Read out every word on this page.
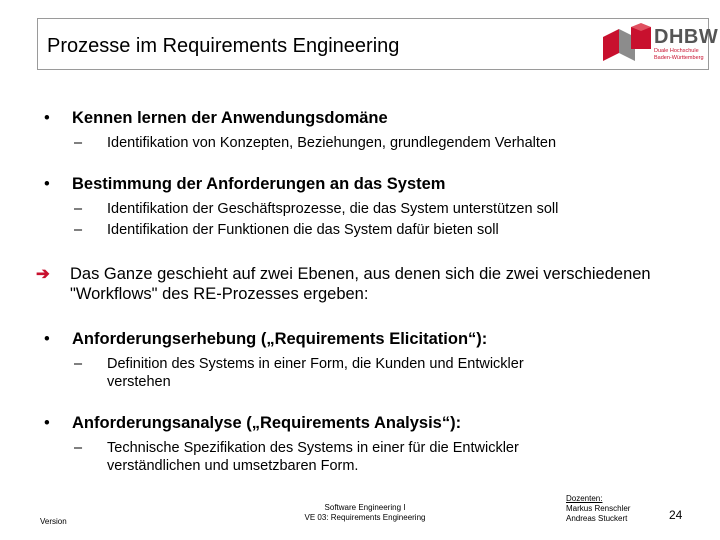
Prozesse im Requirements Engineering	DHBW
Duale Hochschule Baden-Württemberg
• Kennen lernen der Anwendungsdomäne
– Identifikation von Konzepten, Beziehungen, grundlegendem Verhalten
• Bestimmung der Anforderungen an das System
– Identifikation der Geschäftsprozesse, die das System unterstützen soll
– Identifikation der Funktionen die das System dafür bieten soll
➔ Das Ganze geschieht auf zwei Ebenen, aus denen sich die zwei verschiedenen "Workflows" des RE-Prozesses ergeben:
• Anforderungserhebung („Requirements Elicitation“):
– Definition des Systems in einer Form, die Kunden und Entwickler
verstehen
• Anforderungsanalyse („Requirements Analysis“):
– Technische Spezifikation des Systems in einer für die Entwickler
verständlichen und umsetzbaren Form.
Version
Software Engineering I
VE 03: Requirements Engineering
Dozenten:
Markus Renschler
Andreas Stuckert	24
